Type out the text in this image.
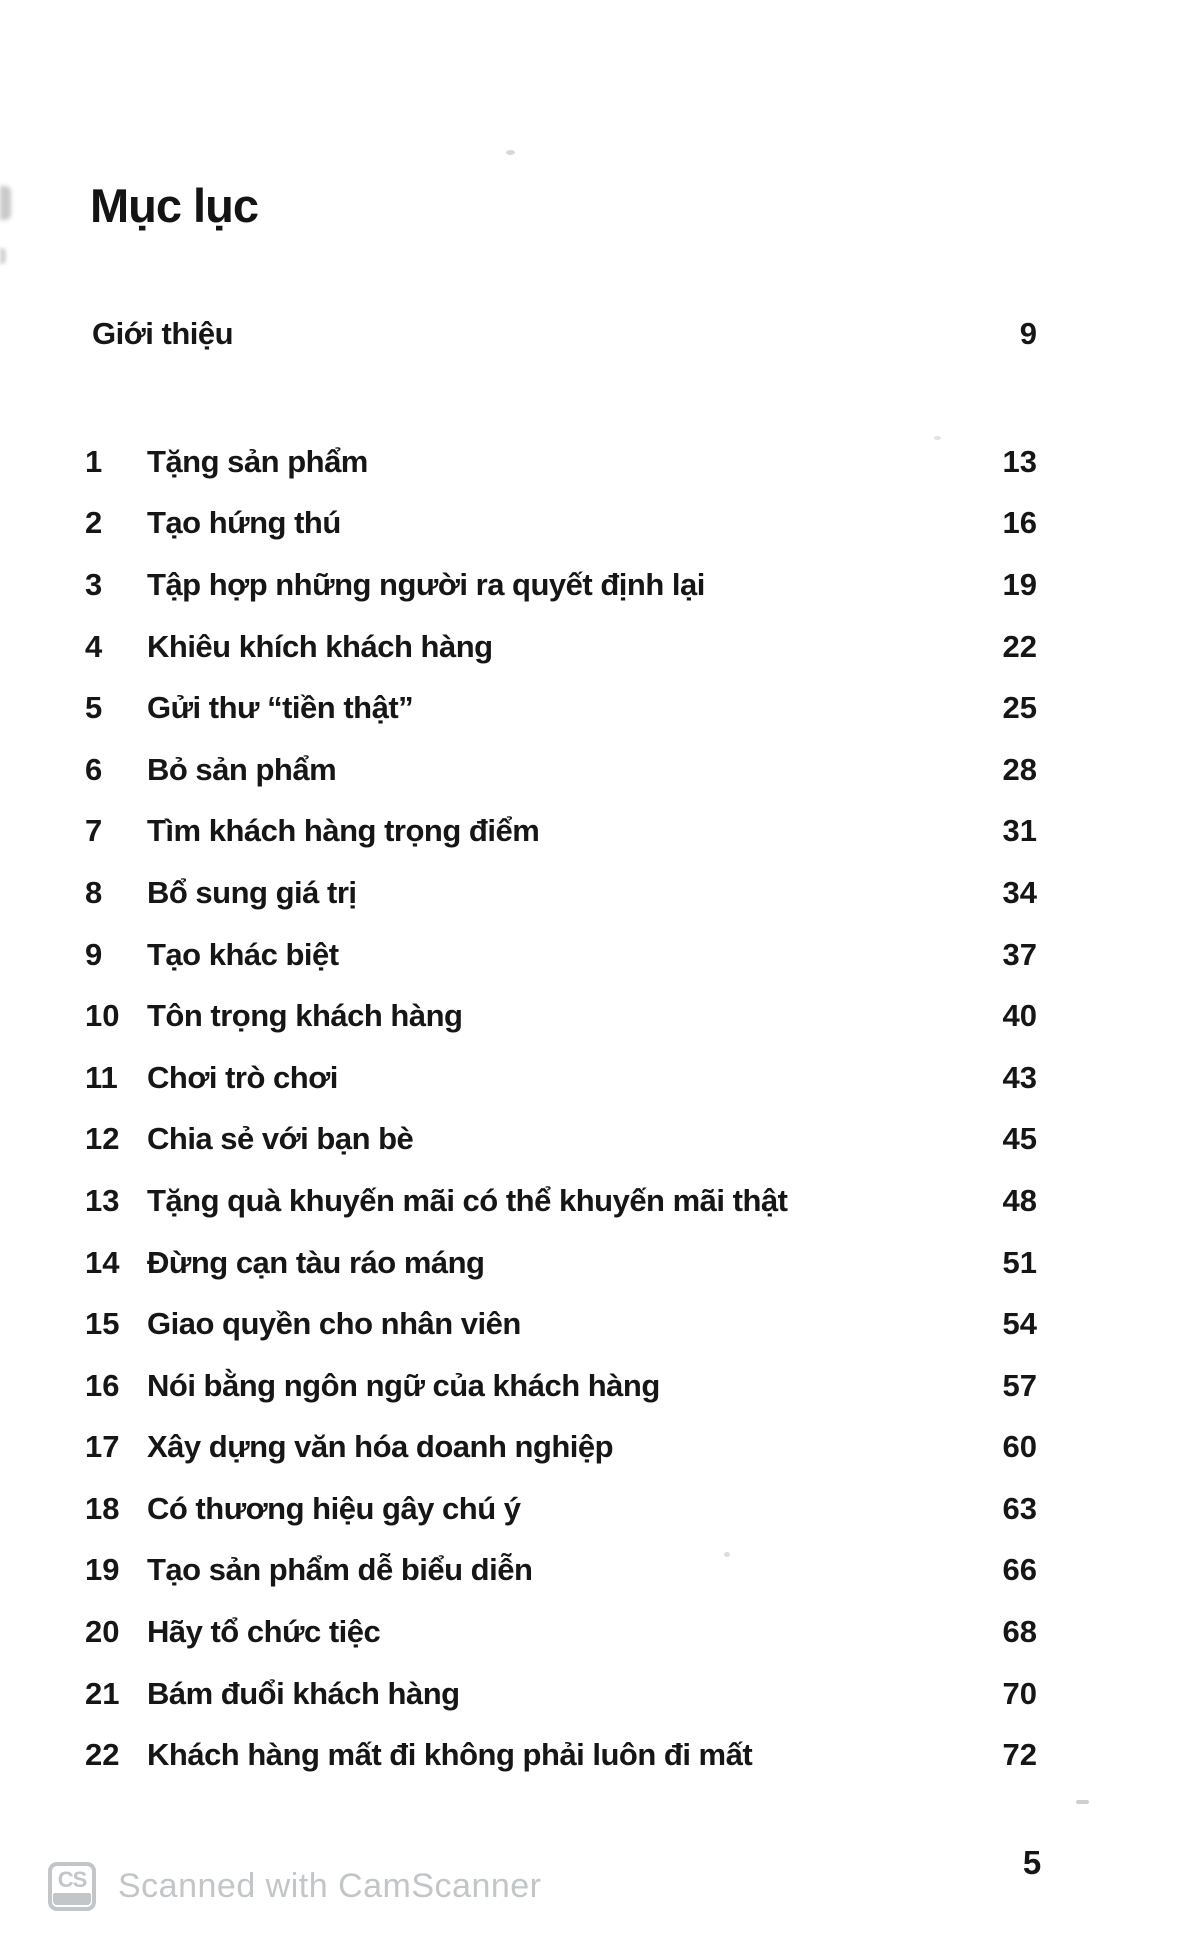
Mục lục
Giới thiệu	9
1	Tặng sản phẩm	13
2	Tạo hứng thú	16
3	Tập hợp những người ra quyết định lại	19
4	Khiêu khích khách hàng	22
5	Gửi thư “tiền thật”	25
6	Bỏ sản phẩm	28
7	Tìm khách hàng trọng điểm	31
8	Bổ sung giá trị	34
9	Tạo khác biệt	37
10 Tôn trọng khách hàng	40
11 Chơi trò chơi	43
12 Chia sẻ với bạn bè	45
13 Tặng quà khuyến mãi có thể khuyến mãi thật	48
14 Đừng cạn tàu ráo máng	51
15 Giao quyền cho nhân viên	54
16 Nói bằng ngôn ngữ của khách hàng	57
17 Xây dựng văn hóa doanh nghiệp	60
18 Có thương hiệu gây chú ý	63
19 Tạo sản phẩm dễ biểu diễn	66
20 Hãy tổ chức tiệc	68
21 Bám đuổi khách hàng	70
22 Khách hàng mất đi không phải luôn đi mất	72
5
CS Scanned with CamScanner
